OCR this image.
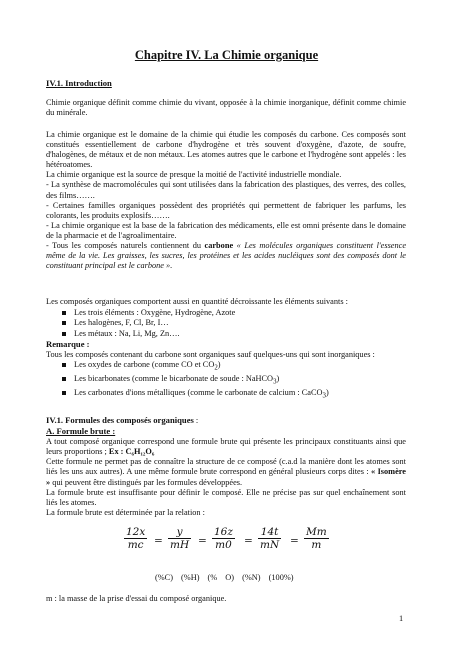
Chapitre IV. La Chimie organique
IV.1. Introduction

Chimie organique définit comme chimie du vivant, opposée à la chimie inorganique, définit comme chimie du minérale.

La chimie organique est le domaine de la chimie qui étudie les composés du carbone. Ces composés sont constitués essentiellement de carbone d'hydrogène et très souvent d'oxygène, d'azote, de soufre, d'halogènes, de métaux et de non métaux. Les atomes autres que le carbone et l'hydrogène sont appelés : les hétéroatomes.

La chimie organique est la source de presque la moitié de l'activité industrielle mondiale.

- La synthèse de macromolécules qui sont utilisées dans la fabrication des plastiques, des verres, des colles, des films…….

- Certaines familles organiques possèdent des propriétés qui permettent de fabriquer les parfums, les colorants, les produits explosifs…….

- La chimie organique est la base de la fabrication des médicaments, elle est omni présente dans le domaine de la pharmacie et de l'agroalimentaire.

- Tous les composés naturels contiennent du carbone « Les molécules organiques constituent l'essence même de la vie. Les graisses, les sucres, les protéines et les acides nucléiques sont des composés dont le constituant principal est le carbone ».

Les composés organiques comportent aussi en quantité décroissante les éléments suivants :

Les trois éléments : Oxygène, Hydrogène, Azote
Les halogènes, F, Cl, Br, I…
Les métaux : Na, Li, Mg, Zn….

Remarque :

Tous les composés contenant du carbone sont organiques sauf quelques-uns qui sont inorganiques :

Les oxydes de carbone (comme CO et $CO_2$)
Les bicarbonates (comme le bicarbonate de soude : NaHCO$_3$)
Les carbonates d'ions métalliques (comme le carbonate de calcium : CaCO$_3$)

IV.1. Formules des composés organiques :

A. Formule brute :

A tout composé organique correspond une formule brute qui présente les principaux constituants ainsi que leurs proportions ; Ex : C₆H₁₂O₆

Cette formule ne permet pas de connaître la structure de ce composé (c.a.d la manière dont les atomes sont liés les uns aux autres). A une même formule brute correspond en général plusieurs corps dites : « Isomère » qui peuvent être distingués par les formules développées.

La formule brute est insuffisante pour définir le composé. Elle ne précise pas sur quel enchaînement sont liés les atomes.

La formule brute est déterminée par la relation :

$\frac{12x}{mc} = \frac{y}{mH} = \frac{16z}{m0} = \frac{14t}{mN} = \frac{Mm}{m}$
(%C) (%H) (% O) (%N) (100%)

m : la masse de la prise d'essai du composé organique.

1
